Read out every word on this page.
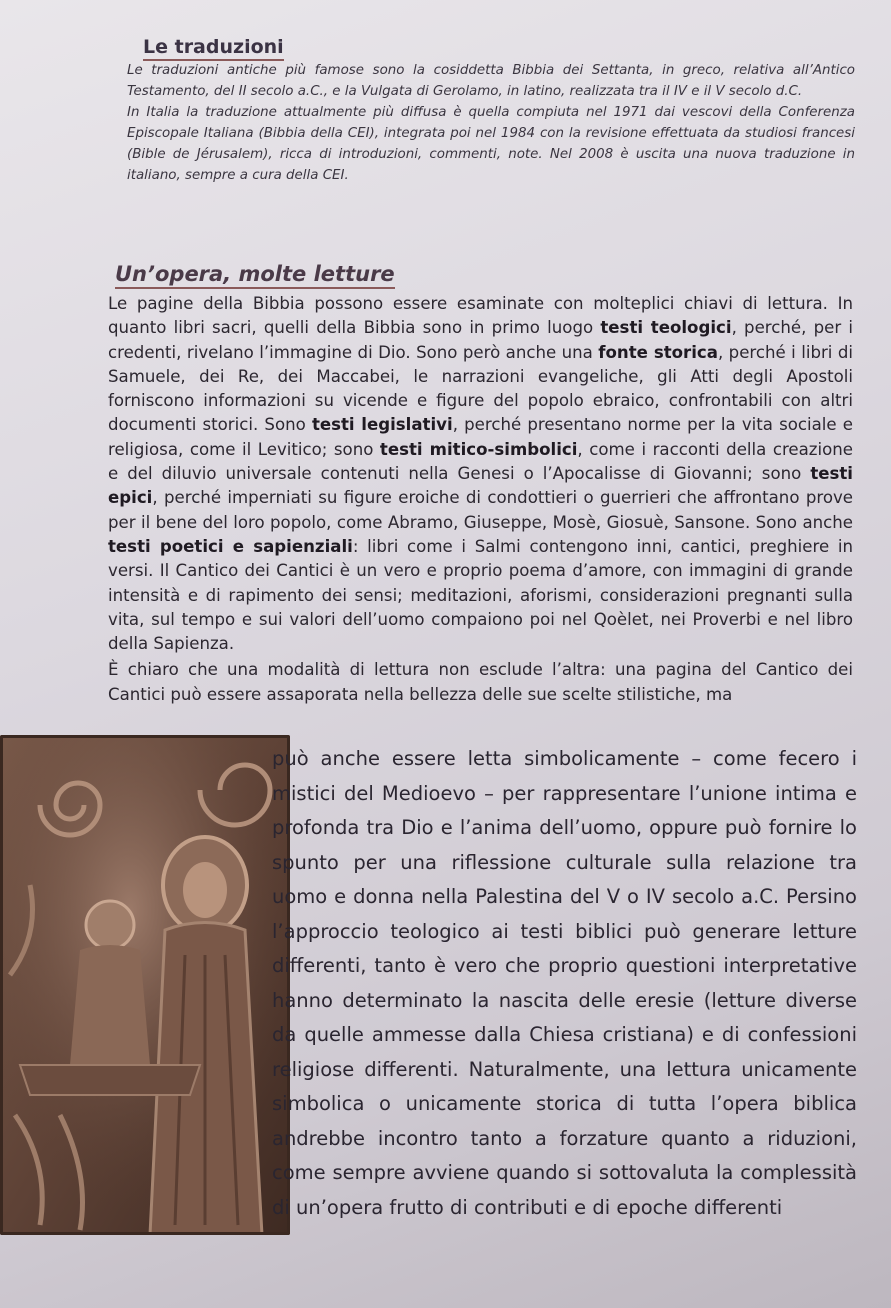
Le traduzioni

Le traduzioni antiche più famose sono la cosiddetta Bibbia dei Settanta, in greco, relativa all’Antico Testamento, del II secolo a.C., e la Vulgata di Gerolamo, in latino, realizzata tra il IV e il V secolo d.C.

In Italia la traduzione attualmente più diffusa è quella compiuta nel 1971 dai vescovi della Conferenza Episcopale Italiana (Bibbia della CEI), integrata poi nel 1984 con la revisione effettuata da studiosi francesi (Bible de Jérusalem), ricca di introduzioni, commenti, note. Nel 2008 è uscita una nuova traduzione in italiano, sempre a cura della CEI.

Un’opera, molte letture

Le pagine della Bibbia possono essere esaminate con molteplici chiavi di lettura. In quanto libri sacri, quelli della Bibbia sono in primo luogo testi teologici, perché, per i credenti, rivelano l’immagine di Dio. Sono però anche una fonte storica, perché i libri di Samuele, dei Re, dei Maccabei, le narrazioni evangeliche, gli Atti degli Apostoli forniscono informazioni su vicende e figure del popolo ebraico, confrontabili con altri documenti storici. Sono testi legislativi, perché presentano norme per la vita sociale e religiosa, come il Levitico; sono testi mitico-simbolici, come i racconti della creazione e del diluvio universale contenuti nella Genesi o l’Apocalisse di Giovanni; sono testi epici, perché imperniati su figure eroiche di condottieri o guerrieri che affrontano prove per il bene del loro popolo, come Abramo, Giuseppe, Mosè, Giosuè, Sansone. Sono anche testi poetici e sapienziali: libri come i Salmi contengono inni, cantici, preghiere in versi. Il Cantico dei Cantici è un vero e proprio poema d’amore, con immagini di grande intensità e di rapimento dei sensi; meditazioni, aforismi, considerazioni pregnanti sulla vita, sul tempo e sui valori dell’uomo compaiono poi nel Qoèlet, nei Proverbi e nel libro della Sapienza.

È chiaro che una modalità di lettura non esclude l’altra: una pagina del Cantico dei Cantici può essere assaporata nella bellezza delle sue scelte stilistiche, ma

può anche essere letta simbolicamente – come fecero i mistici del Medioevo – per rappresentare l’unione intima e profonda tra Dio e l’anima dell’uomo, oppure può fornire lo spunto per una riflessione culturale sulla relazione tra uomo e donna nella Palestina del V o IV secolo a.C. Persino l’approccio teologico ai testi biblici può generare letture differenti, tanto è vero che proprio questioni interpretative hanno determinato la nascita delle eresie (letture diverse da quelle ammesse dalla Chiesa cristiana) e di confessioni religiose differenti. Naturalmente, una lettura unicamente simbolica o unicamente storica di tutta l’opera biblica andrebbe incontro tanto a forzature quanto a riduzioni, come sempre avviene quando si sottovaluta la complessità di un’opera frutto di contributi e di epoche differenti
